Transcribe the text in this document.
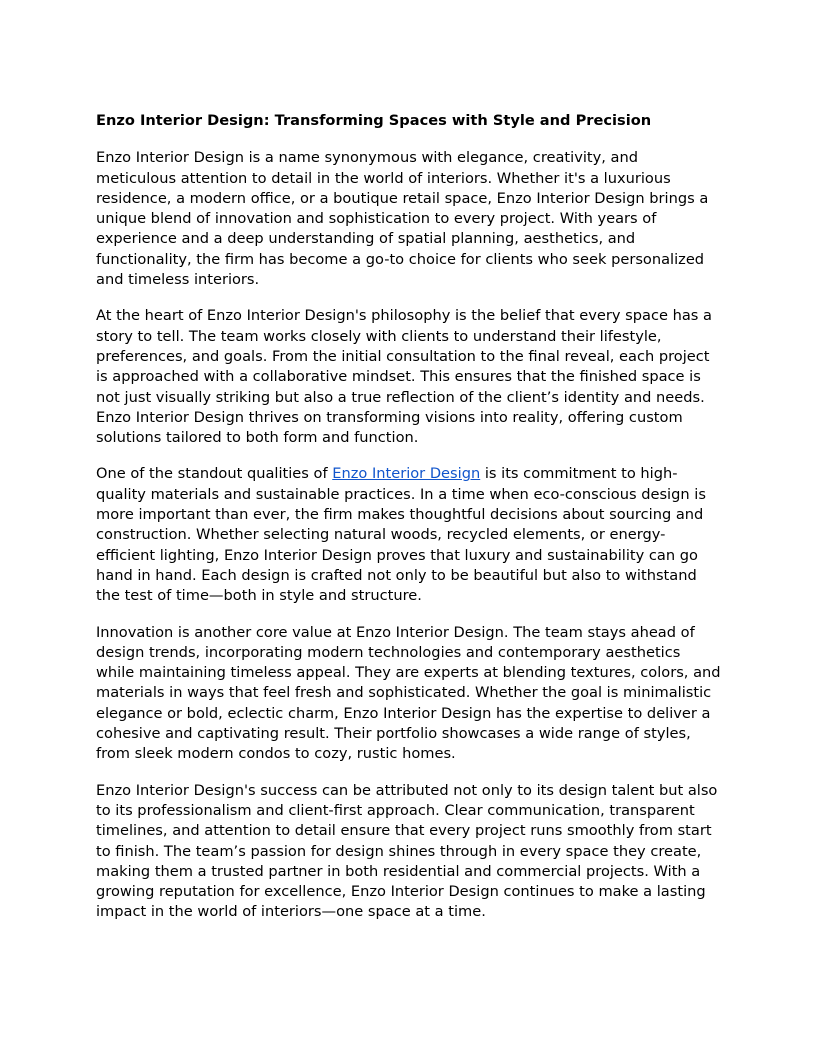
Enzo Interior Design: Transforming Spaces with Style and Precision

Enzo Interior Design is a name synonymous with elegance, creativity, and meticulous attention to detail in the world of interiors. Whether it's a luxurious residence, a modern office, or a boutique retail space, Enzo Interior Design brings a unique blend of innovation and sophistication to every project. With years of experience and a deep understanding of spatial planning, aesthetics, and functionality, the firm has become a go-to choice for clients who seek personalized and timeless interiors.

At the heart of Enzo Interior Design's philosophy is the belief that every space has a story to tell. The team works closely with clients to understand their lifestyle, preferences, and goals. From the initial consultation to the final reveal, each project is approached with a collaborative mindset. This ensures that the finished space is not just visually striking but also a true reflection of the client’s identity and needs. Enzo Interior Design thrives on transforming visions into reality, offering custom solutions tailored to both form and function.

One of the standout qualities of Enzo Interior Design is its commitment to high-quality materials and sustainable practices. In a time when eco-conscious design is more important than ever, the firm makes thoughtful decisions about sourcing and construction. Whether selecting natural woods, recycled elements, or energy-efficient lighting, Enzo Interior Design proves that luxury and sustainability can go hand in hand. Each design is crafted not only to be beautiful but also to withstand the test of time—both in style and structure.

Innovation is another core value at Enzo Interior Design. The team stays ahead of design trends, incorporating modern technologies and contemporary aesthetics while maintaining timeless appeal. They are experts at blending textures, colors, and materials in ways that feel fresh and sophisticated. Whether the goal is minimalistic elegance or bold, eclectic charm, Enzo Interior Design has the expertise to deliver a cohesive and captivating result. Their portfolio showcases a wide range of styles, from sleek modern condos to cozy, rustic homes.

Enzo Interior Design's success can be attributed not only to its design talent but also to its professionalism and client-first approach. Clear communication, transparent timelines, and attention to detail ensure that every project runs smoothly from start to finish. The team’s passion for design shines through in every space they create, making them a trusted partner in both residential and commercial projects. With a growing reputation for excellence, Enzo Interior Design continues to make a lasting impact in the world of interiors—one space at a time.
